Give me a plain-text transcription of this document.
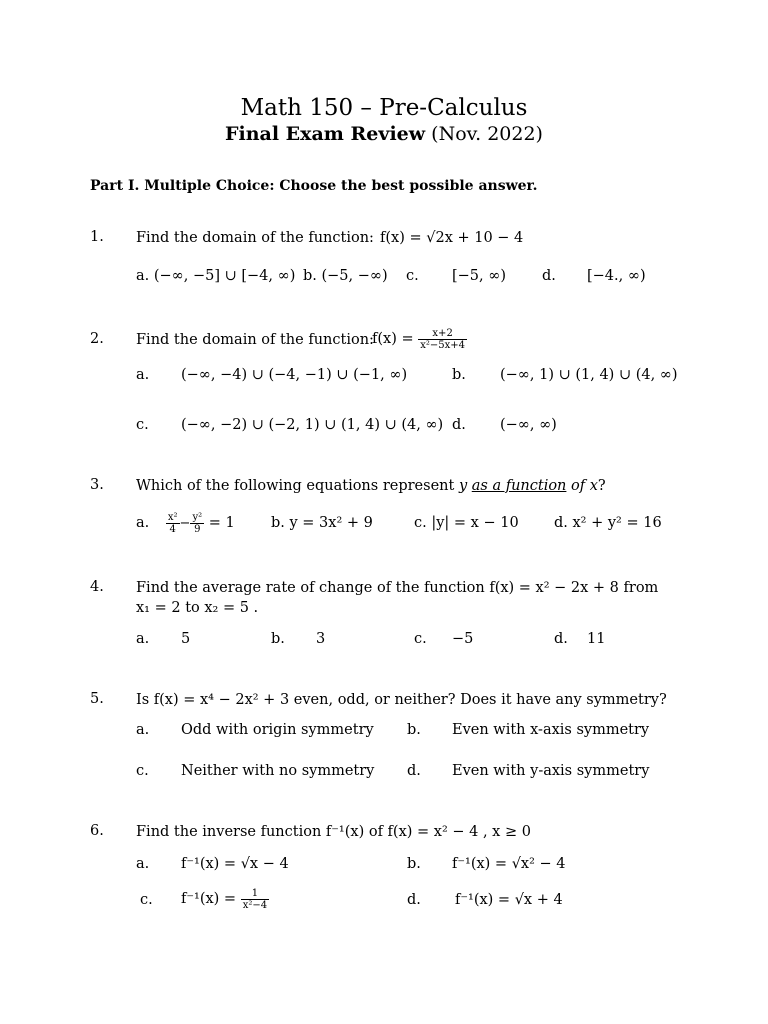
Math 150 – Pre-Calculus
Final Exam Review (Nov. 2022)
Part I. Multiple Choice: Choose the best possible answer.
1. Find the domain of the function: f(x) = √2x + 10 − 4
a. (−∞, −5] ∪ [−4, ∞) b. (−5, −∞) c. [−5, ∞) d. [−4., ∞)
2. Find the domain of the function:
$f(x) = \frac{x+2}{\text{x²−5x+4}}$
a. (−∞, −4) ∪ (−4, −1) ∪ (−1, ∞)	b. (−∞, 1) ∪ (1, 4) ∪ (4, ∞)
c. (−∞, −2) ∪ (−2, 1) ∪ (1, 4) ∪ (4, ∞) d. (−∞, ∞)
3. Which of the following equations represent y as a function of x?
a. $\frac{\text{x²}}{4} - \frac{\text{y²}}{9} = 1$	b. y = 3x² + 9	c. |y| = x − 10 d. x² + y² = 16
4. Find the average rate of change of the function f(x) = x² − 2x + 8 from
x₁ = 2 to x₂ = 5 .
a. 5	b. 3	c. −5	d. 11
5. Is f(x) = x⁴ − 2x² + 3 even, odd, or neither? Does it have any symmetry?
a. Odd with origin symmetry b. Even with x-axis symmetry
c. Neither with no symmetry d. Even with y-axis symmetry
6. Find the inverse function f⁻¹(x) of f(x) = x² − 4 , x ≥ 0
a. f⁻¹(x) = √x − 4	b. f⁻¹(x) = √x² − 4
c. $f^{-1}(x) = \frac{1}{\text{x²−4}}$	d. f⁻¹(x) = √x + 4
